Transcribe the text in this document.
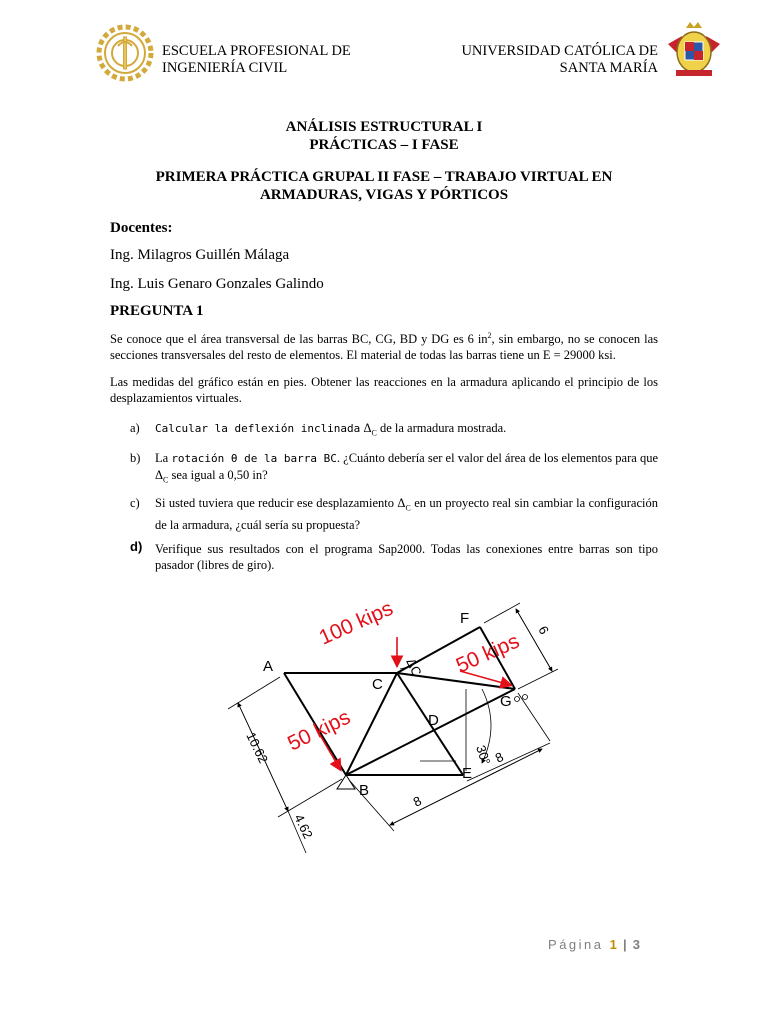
ESCUELA PROFESIONAL DE
INGENIERÍA CIVIL
UNIVERSIDAD CATÓLICA DE
SANTA MARÍA
ANÁLISIS ESTRUCTURAL I
PRÁCTICAS – I FASE
PRIMERA PRÁCTICA GRUPAL II FASE – TRABAJO VIRTUAL EN
ARMADURAS, VIGAS Y PÓRTICOS
Docentes:
Ing. Milagros Guillén Málaga
Ing. Luis Genaro Gonzales Galindo
PREGUNTA 1
Se conoce que el área transversal de las barras BC, CG, BD y DG es 6 $in^2$, sin embargo, no se conocen las secciones transversales del resto de elementos. El material de todas las barras tiene un E = 29000 ksi.
Las medidas del gráfico están en pies. Obtener las reacciones en la armadura aplicando el principio de los desplazamientos virtuales.
a) Calcular la deflexión inclinada $\Delta_C$ de la armadura mostrada.
b) La rotación θ de la barra BC. ¿Cuánto debería ser el valor del área de los elementos para que $\Delta_C$ sea igual a 0,50 in?
c) Si usted tuviera que reducir ese desplazamiento $\Delta_C$ en un proyecto real sin cambiar la configuración de la armadura, ¿cuál sería su propuesta?
d) Verifique sus resultados con el programa Sap2000. Todas las conexiones entre barras son tipo pasador (libres de giro).
A
C
D
E
F
G
B
100 kips
50 kips
50 kips
10.62
4.62
8
8
6
30°
ΔC
Página 1 | 3
